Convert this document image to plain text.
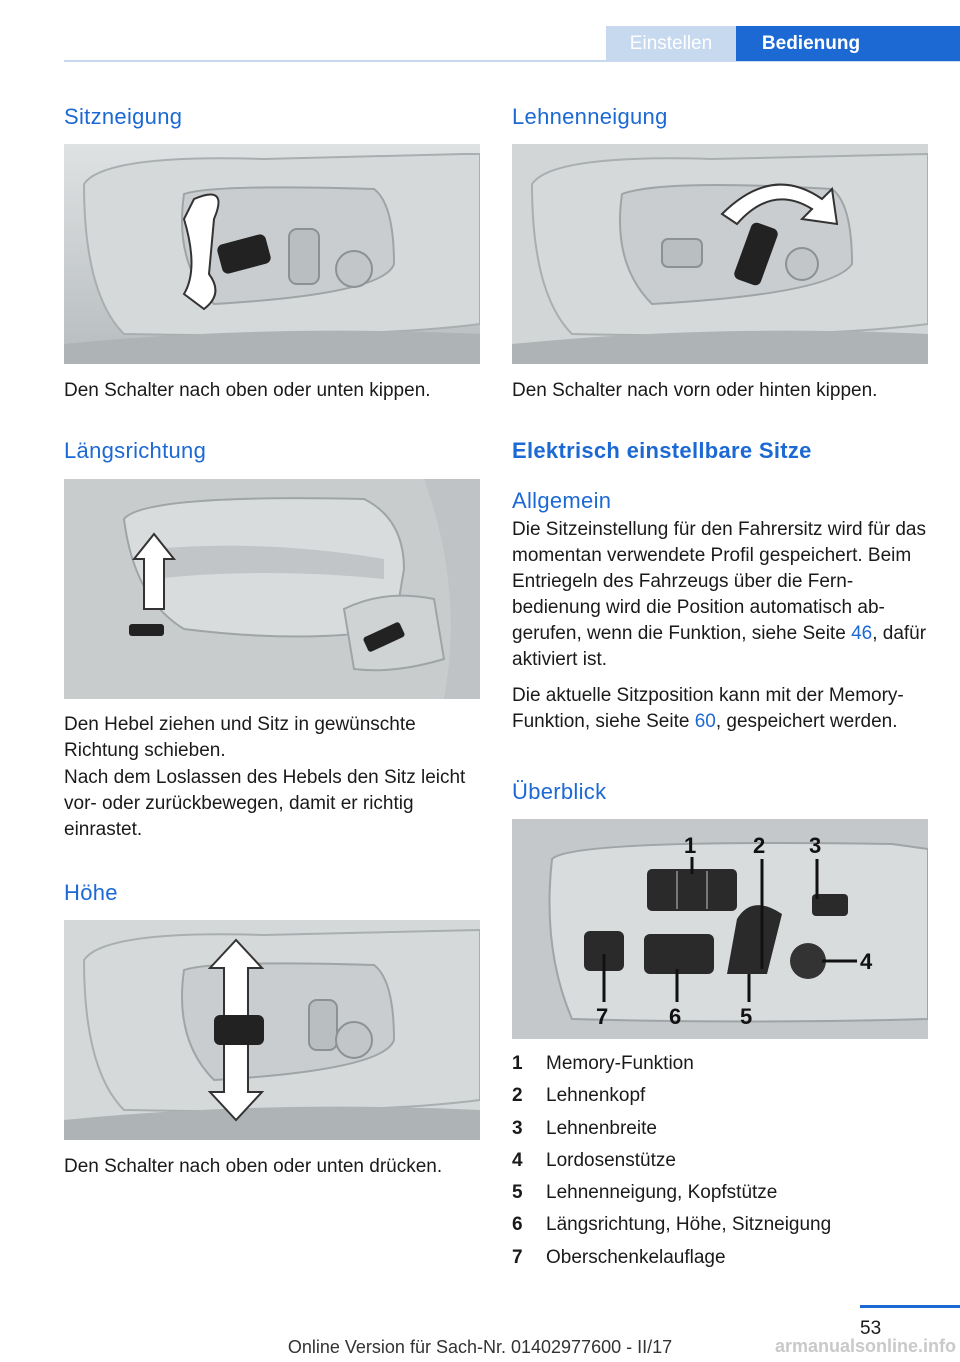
Einstellen	Bedienung
Sitzneigung

Den Schalter nach oben oder unten kippen.

Längsrichtung

Den Hebel ziehen und Sitz in gewünschte Richtung schieben.

Nach dem Loslassen des Hebels den Sitz leicht vor- oder zurückbewegen, damit er richtig einrastet.

Höhe

Den Schalter nach oben oder unten drücken.

Lehnenneigung

Den Schalter nach vorn oder hinten kippen.

Elektrisch einstellbare Sitze
Allgemein

Die Sitzeinstellung für den Fahrersitz wird für das momentan verwendete Profil gespeichert. Beim Entriegeln des Fahrzeugs über die Fernbedienung wird die Position automatisch abgerufen, wenn die Funktion, siehe Seite 46, dafür aktiviert ist.

Die aktuelle Sitzposition kann mit der Memory-Funktion, siehe Seite 60, gespeichert werden.

Überblick
1	2 3
4
5
6
7
1	Memory-Funktion
2	Lehnenkopf
3	Lehnenbreite
4	Lordosenstütze
5	Lehnenneigung, Kopfstütze
6	Längsrichtung, Höhe, Sitzneigung
7	Oberschenkelauflage
53
Online Version für Sach-Nr. 01402977600 - II/17	armanualsonline.info
